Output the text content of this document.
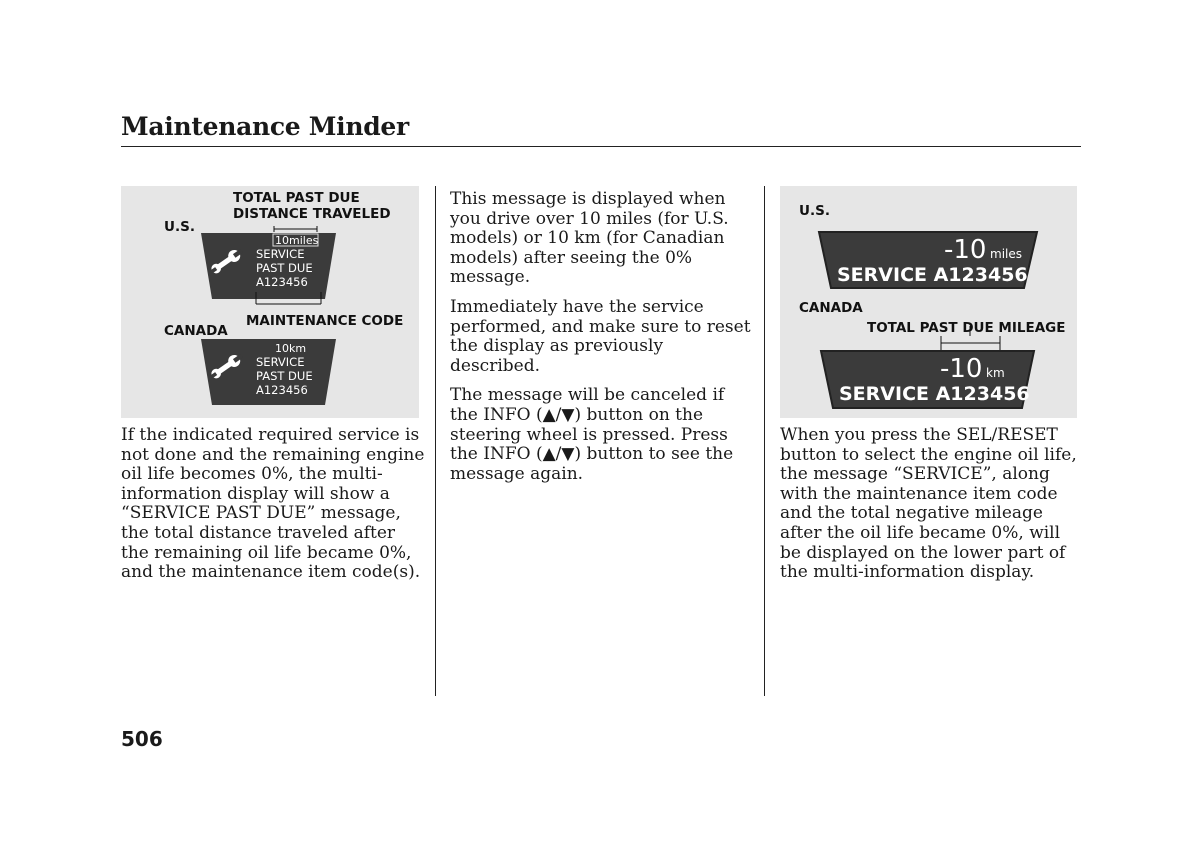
Maintenance Minder
TOTAL PAST DUE
DISTANCE TRAVELED
U.S.
MAINTENANCE CODE
CANADA
10miles
SERVICE
PAST DUE
A123456
10km
SERVICE
PAST DUE
A123456
U.S.
CANADA
TOTAL PAST DUE MILEAGE
-10 miles
SERVICE A123456
-10 km
SERVICE A123456

If the indicated required service is not done and the remaining engine oil life becomes 0%, the multi-information display will show a “SERVICE PAST DUE” message, the total distance traveled after the remaining oil life became 0%, and the maintenance item code(s).

This message is displayed when you drive over 10 miles (for U.S. models) or 10 km (for Canadian models) after seeing the 0% message.

Immediately have the service performed, and make sure to reset the display as previously described.

The message will be canceled if the INFO (▲/▼) button on the steering wheel is pressed. Press the INFO (▲/▼) button to see the message again.

When you press the SEL/RESET button to select the engine oil life, the message “SERVICE”, along with the maintenance item code and the total negative mileage after the oil life became 0%, will be displayed on the lower part of the multi-information display.

506
